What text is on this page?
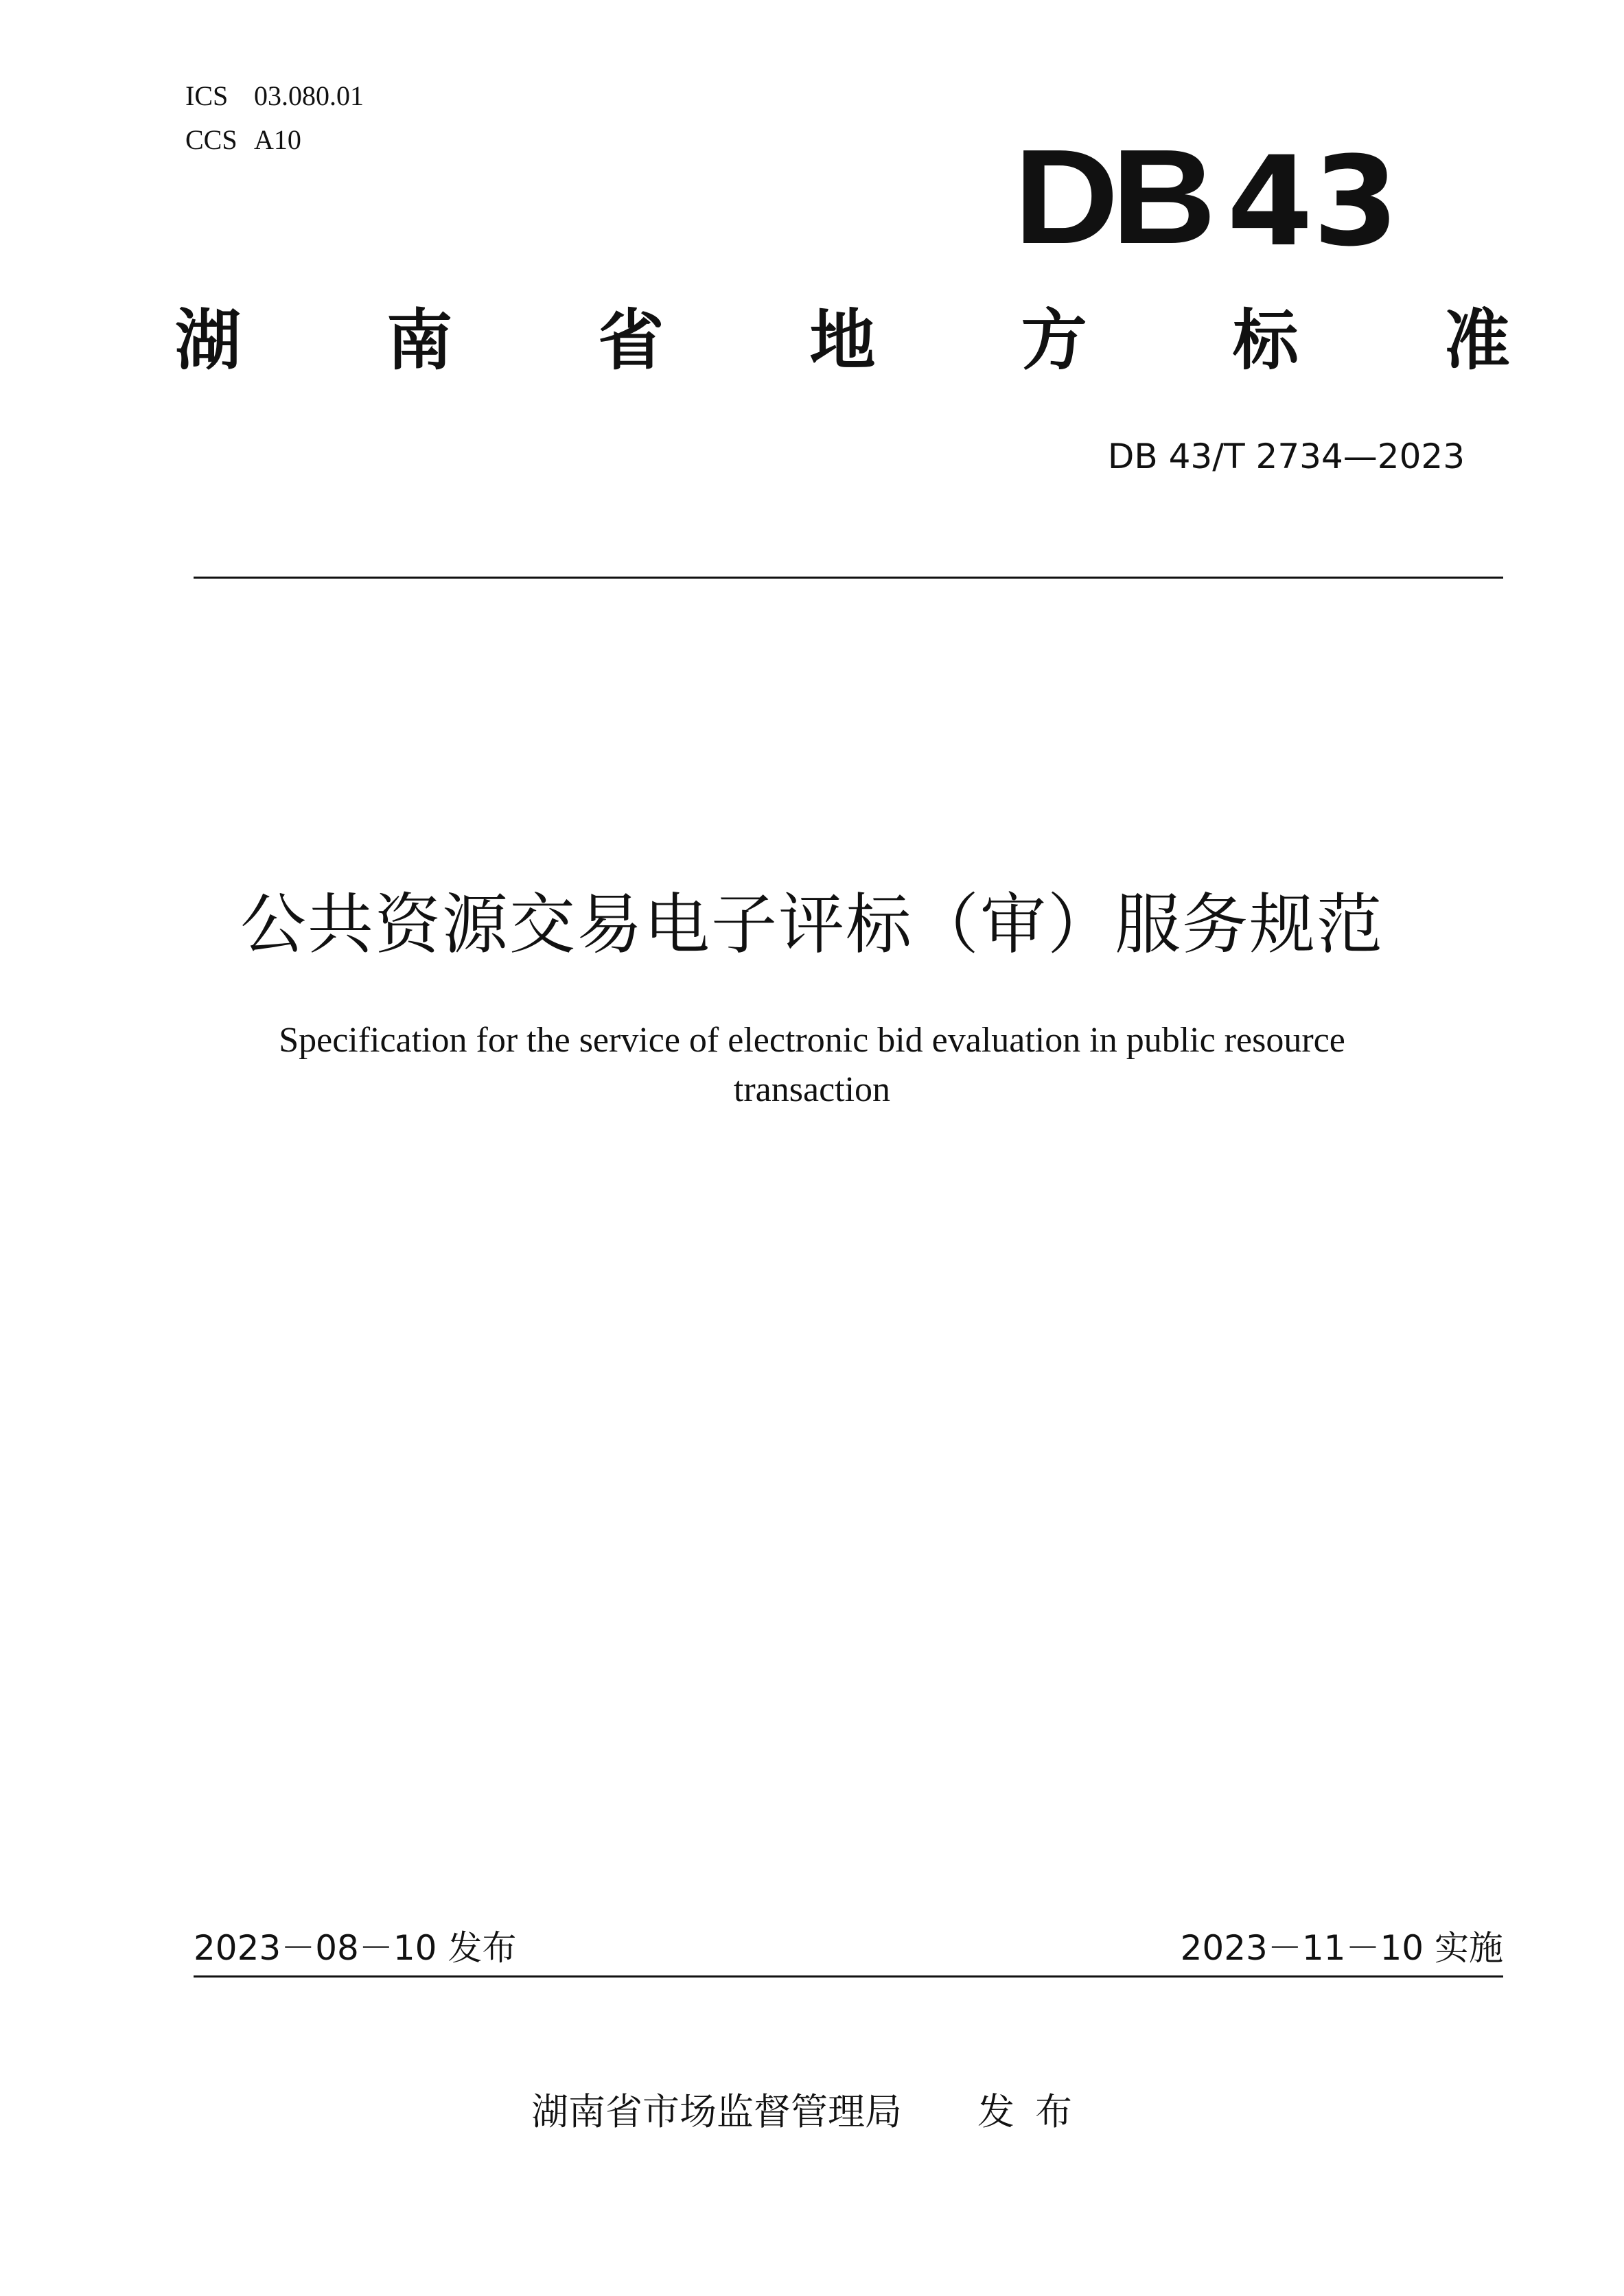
ICS 03.080.01
CCS A10	DB 43
湖 南 省 地 方 标 准
DB 43/T 2734—2023
公共资源交易电子评标（审）服务规范
Specification for the service of electronic bid evaluation in public resource
transaction
2023－08－10 发布	2023－11－10 实施
湖南省市场监督管理局 发布
